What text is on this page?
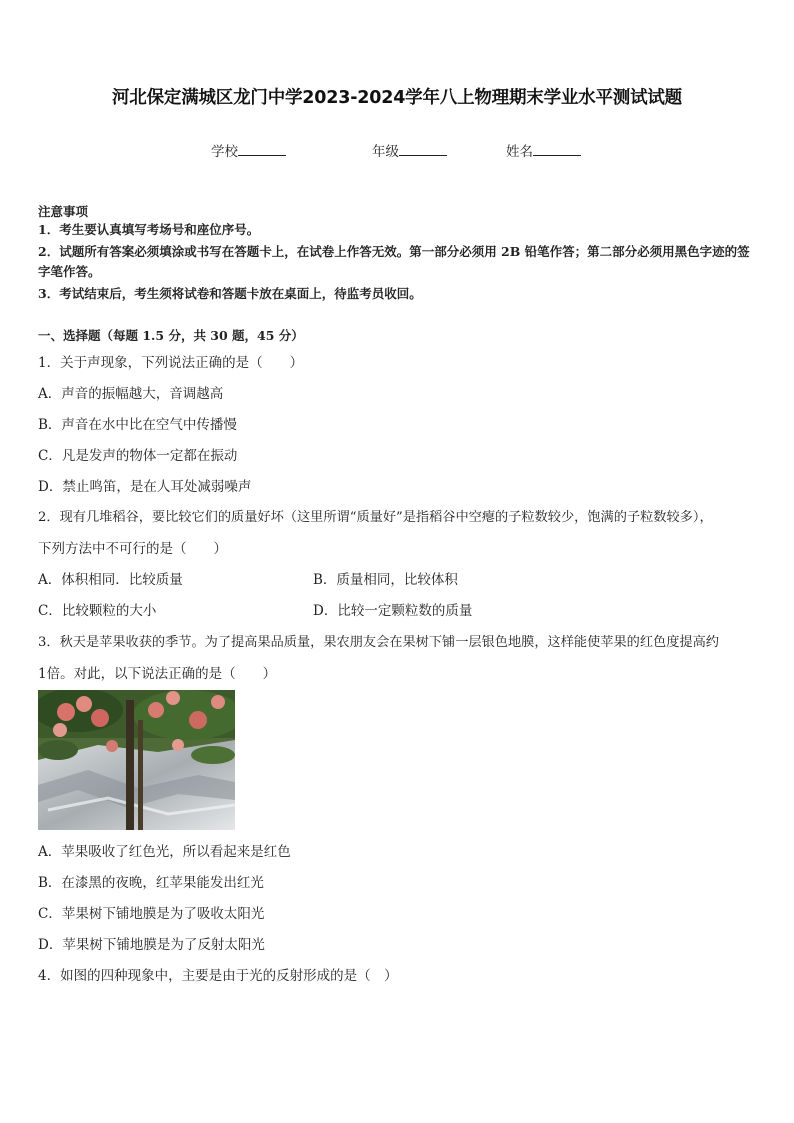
河北保定满城区龙门中学2023-2024学年八上物理期末学业水平测试试题
学校	年级	姓名
注意事项
1．考生要认真填写考场号和座位序号。
2．试题所有答案必须填涂或书写在答题卡上，在试卷上作答无效。第一部分必须用 2B 铅笔作答；第二部分必须用黑色字迹的签字笔作答。
3．考试结束后，考生须将试卷和答题卡放在桌面上，待监考员收回。
一、选择题（每题 1.5 分，共 30 题，45 分）
1．关于声现象，下列说法正确的是（　　）
A．声音的振幅越大，音调越高
B．声音在水中比在空气中传播慢
C．凡是发声的物体一定都在振动
D．禁止鸣笛，是在人耳处减弱噪声
2．现有几堆稻谷，要比较它们的质量好坏（这里所谓“质量好”是指稻谷中空瘪的子粒数较少，饱满的子粒数较多），
下列方法中不可行的是（　　）
A．体积相同．比较质量	B．质量相同，比较体积
C．比较颗粒的大小	D．比较一定颗粒数的质量
3．秋天是苹果收获的季节。为了提高果品质量，果农朋友会在果树下铺一层银色地膜，这样能使苹果的红色度提高约
1倍。对此，以下说法正确的是（　　）
A．苹果吸收了红色光，所以看起来是红色
B．在漆黑的夜晚，红苹果能发出红光
C．苹果树下铺地膜是为了吸收太阳光
D．苹果树下铺地膜是为了反射太阳光
4．如图的四种现象中，主要是由于光的反射形成的是（　）
